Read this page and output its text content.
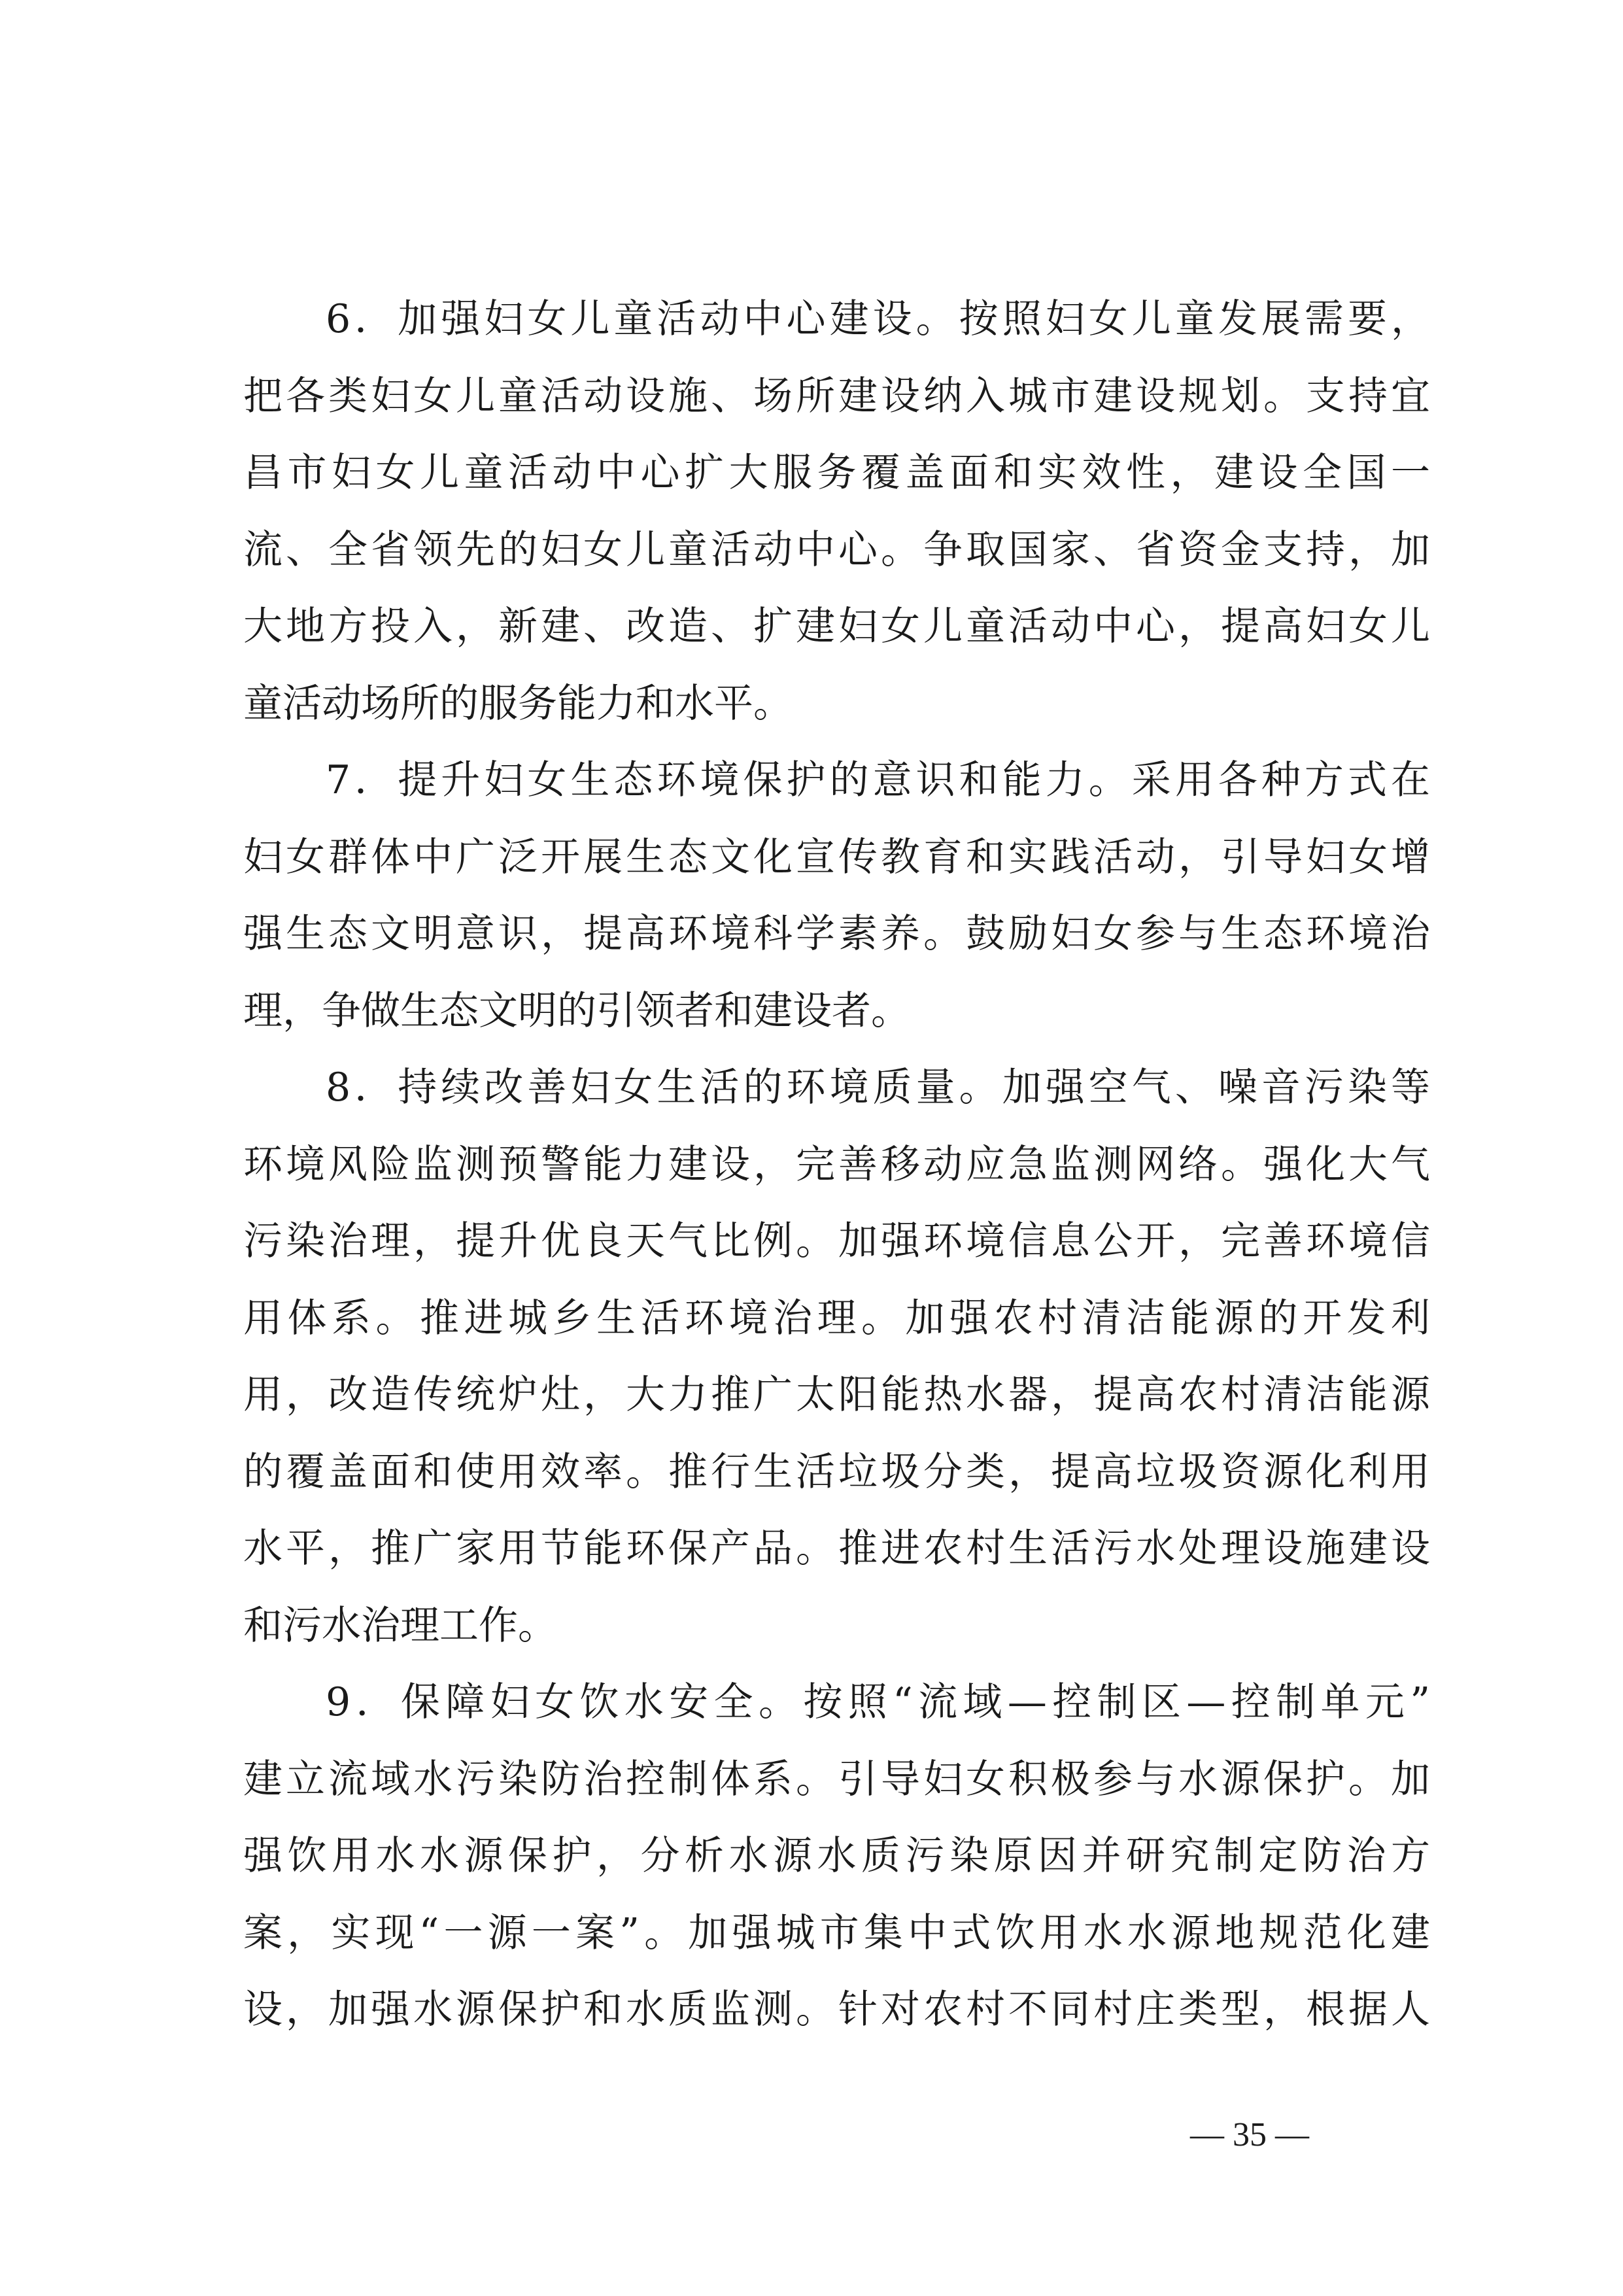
6．加强妇女儿童活动中心建设。按照妇女儿童发展需要，
把各类妇女儿童活动设施、场所建设纳入城市建设规划。支持宜
昌市妇女儿童活动中心扩大服务覆盖面和实效性，建设全国一
流、全省领先的妇女儿童活动中心。争取国家、省资金支持，加
大地方投入，新建、改造、扩建妇女儿童活动中心，提高妇女儿
童活动场所的服务能力和水平。
7．提升妇女生态环境保护的意识和能力。采用各种方式在
妇女群体中广泛开展生态文化宣传教育和实践活动，引导妇女增
强生态文明意识，提高环境科学素养。鼓励妇女参与生态环境治
理，争做生态文明的引领者和建设者。
8．持续改善妇女生活的环境质量。加强空气、噪音污染等
环境风险监测预警能力建设，完善移动应急监测网络。强化大气
污染治理，提升优良天气比例。加强环境信息公开，完善环境信
用体系。推进城乡生活环境治理。加强农村清洁能源的开发利
用，改造传统炉灶，大力推广太阳能热水器，提高农村清洁能源
的覆盖面和使用效率。推行生活垃圾分类，提高垃圾资源化利用
水平，推广家用节能环保产品。推进农村生活污水处理设施建设
和污水治理工作。
9．保障妇女饮水安全。按照“流域—控制区—控制单元”
建立流域水污染防治控制体系。引导妇女积极参与水源保护。加
强饮用水水源保护，分析水源水质污染原因并研究制定防治方
案，实现“一源一案”。加强城市集中式饮用水水源地规范化建
设，加强水源保护和水质监测。针对农村不同村庄类型，根据人
— 35 —
